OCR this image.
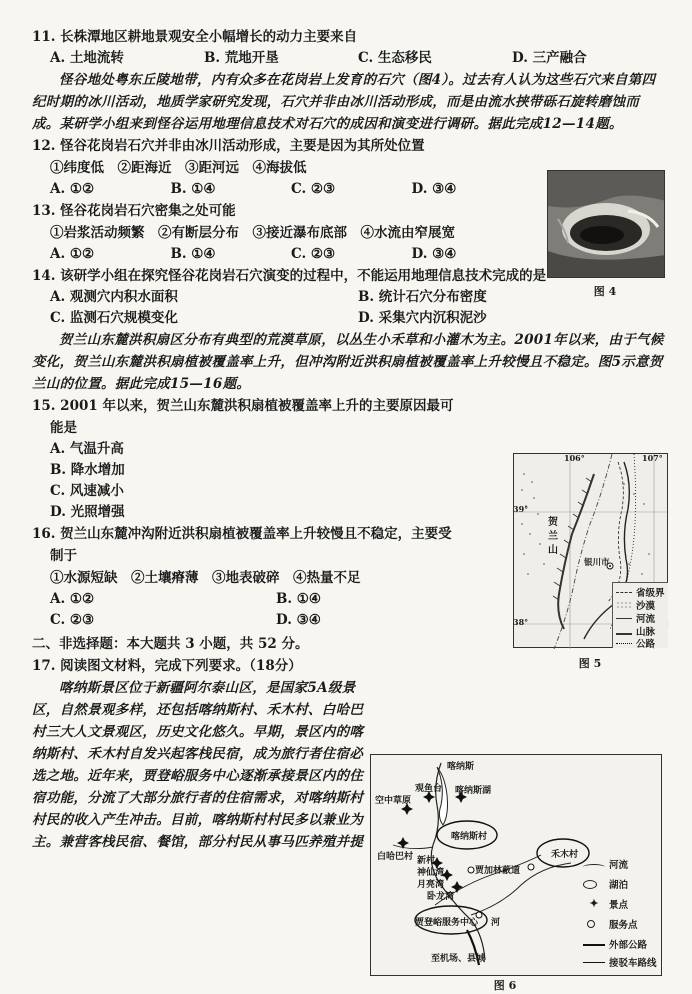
11. 长株潭地区耕地景观安全小幅增长的动力主要来自
A. 土地流转	B. 荒地开垦	C. 生态移民	D. 三产融合
怪谷地处粤东丘陵地带，内有众多在花岗岩上发育的石穴（图4）。过去有人认为这些石穴来自第四纪时期的冰川活动，地质学家研究发现，石穴并非由冰川活动形成，而是由流水挟带砾石旋转磨蚀而成。某研学小组来到怪谷运用地理信息技术对石穴的成因和演变进行调研。据此完成12—14题。
12. 怪谷花岗岩石穴并非由冰川活动形成，主要是因为其所处位置
①纬度低　②距海近　③距河远　④海拔低
A. ①②	B. ①④	C. ②③	D. ③④
13. 怪谷花岗岩石穴密集之处可能
①岩浆活动频繁　②有断层分布　③接近瀑布底部　④水流由窄展宽
A. ①②	B. ①④	C. ②③	D. ③④
14. 该研学小组在探究怪谷花岗岩石穴演变的过程中，不能运用地理信息技术完成的是
A. 观测穴内积水面积	B. 统计石穴分布密度
C. 监测石穴规模变化	D. 采集穴内沉积泥沙
贺兰山东麓洪积扇区分布有典型的荒漠草原，以丛生小禾草和小灌木为主。2001年以来，由于气候变化，贺兰山东麓洪积扇植被覆盖率上升，但冲沟附近洪积扇植被覆盖率上升较慢且不稳定。图5示意贺兰山的位置。据此完成15—16题。
15. 2001 年以来，贺兰山东麓洪积扇植被覆盖率上升的主要原因最可
能是
A. 气温升高
B. 降水增加
C. 风速减小
D. 光照增强
16. 贺兰山东麓冲沟附近洪积扇植被覆盖率上升较慢且不稳定，主要受
制于
①水源短缺　②土壤瘠薄　③地表破碎　④热量不足
A. ①②	B. ①④
C. ②③	D. ③④
二、非选择题：本大题共 3 小题，共 52 分。
17. 阅读图文材料，完成下列要求。（18分）
喀纳斯景区位于新疆阿尔泰山区，是国家5A级景区，自然景观多样，还包括喀纳斯村、禾木村、白哈巴村三大人文景观区，历史文化悠久。早期，景区内的喀纳斯村、禾木村自发兴起客栈民宿，成为旅行者住宿必选之地。近年来，贾登峪服务中心逐渐承接景区内的住宿功能，分流了大部分旅行者的住宿需求，对喀纳斯村村民的收入产生冲击。目前，喀纳斯村村民多以兼业为主。兼营客栈民宿、餐馆，部分村民从事马匹养殖并提
图 4
省级界
沙漠
河流
山脉
公路
106°	107°
39°
38°
贺兰山
银川市
图 5
喀纳斯
喀纳斯湖
观鱼台
空中草原
喀纳斯村
白哈巴村 新村
神仙湾
月亮湾
卧龙湾
贾加林蔽道
禾木村
贾登峪服务中心 河
至机场、县城
河流
湖泊
✦	景点
服务点
外部公路
接驳车路线
图 6
